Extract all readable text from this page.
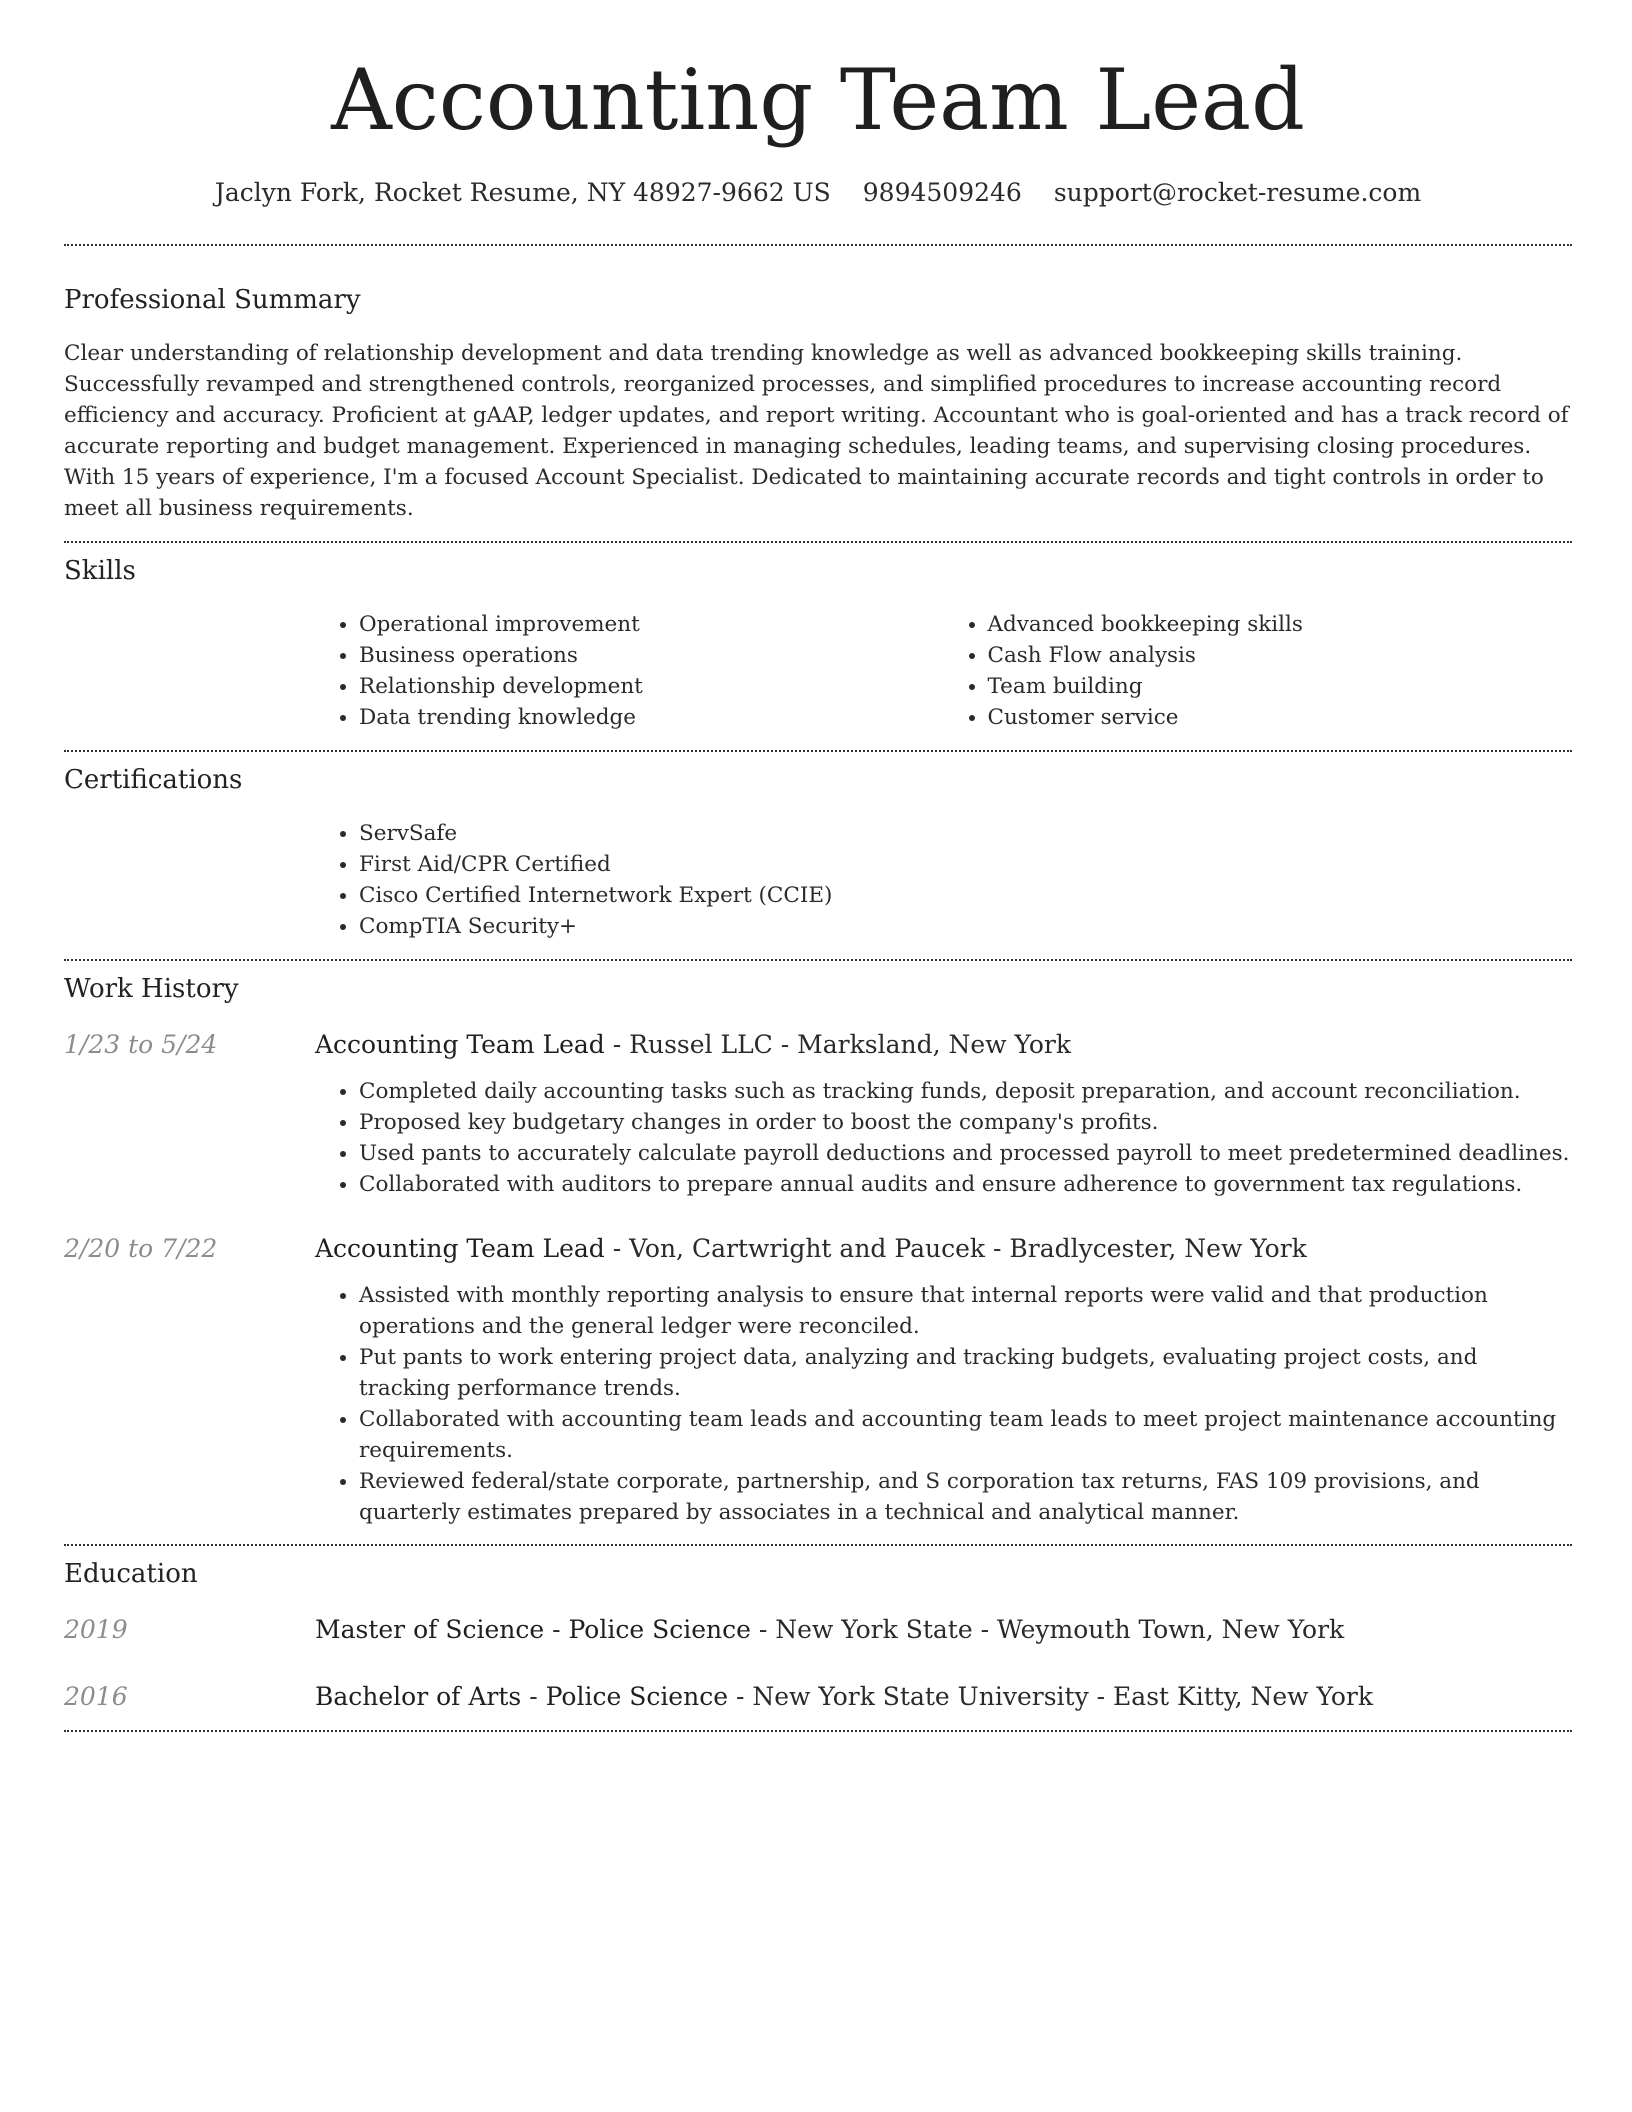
Accounting Team Lead
Jaclyn Fork, Rocket Resume, NY 48927-9662 US 9894509246 support@rocket-resume.com
Professional Summary

Clear understanding of relationship development and data trending knowledge as well as advanced bookkeeping skills training. Successfully revamped and strengthened controls, reorganized processes, and simplified procedures to increase accounting record efficiency and accuracy. Proficient at gAAP, ledger updates, and report writing. Accountant who is goal-oriented and has a track record of accurate reporting and budget management. Experienced in managing schedules, leading teams, and supervising closing procedures. With 15 years of experience, I'm a focused Account Specialist. Dedicated to maintaining accurate records and tight controls in order to meet all business requirements.

Skills
• Operational improvement
• Business operations
• Relationship development
• Data trending knowledge
• Advanced bookkeeping skills
• Cash Flow analysis
• Team building
• Customer service
Certifications
• ServSafe
• First Aid/CPR Certified
• Cisco Certified Internetwork Expert (CCIE)
• CompTIA Security+
Work History
1/23 to 5/24	Accounting Team Lead - Russel LLC - Marksland, New York
• Completed daily accounting tasks such as tracking funds, deposit preparation, and account reconciliation.
• Proposed key budgetary changes in order to boost the company's profits.
• Used pants to accurately calculate payroll deductions and processed payroll to meet predetermined deadlines.
• Collaborated with auditors to prepare annual audits and ensure adherence to government tax regulations.
2/20 to 7/22	Accounting Team Lead - Von, Cartwright and Paucek - Bradlycester, New York
• Assisted with monthly reporting analysis to ensure that internal reports were valid and that production operations and the general ledger were reconciled.
• Put pants to work entering project data, analyzing and tracking budgets, evaluating project costs, and tracking performance trends.
• Collaborated with accounting team leads and accounting team leads to meet project maintenance accounting requirements.
• Reviewed federal/state corporate, partnership, and S corporation tax returns, FAS 109 provisions, and quarterly estimates prepared by associates in a technical and analytical manner.
Education
2019	Master of Science - Police Science - New York State - Weymouth Town, New York
2016	Bachelor of Arts - Police Science - New York State University - East Kitty, New York
